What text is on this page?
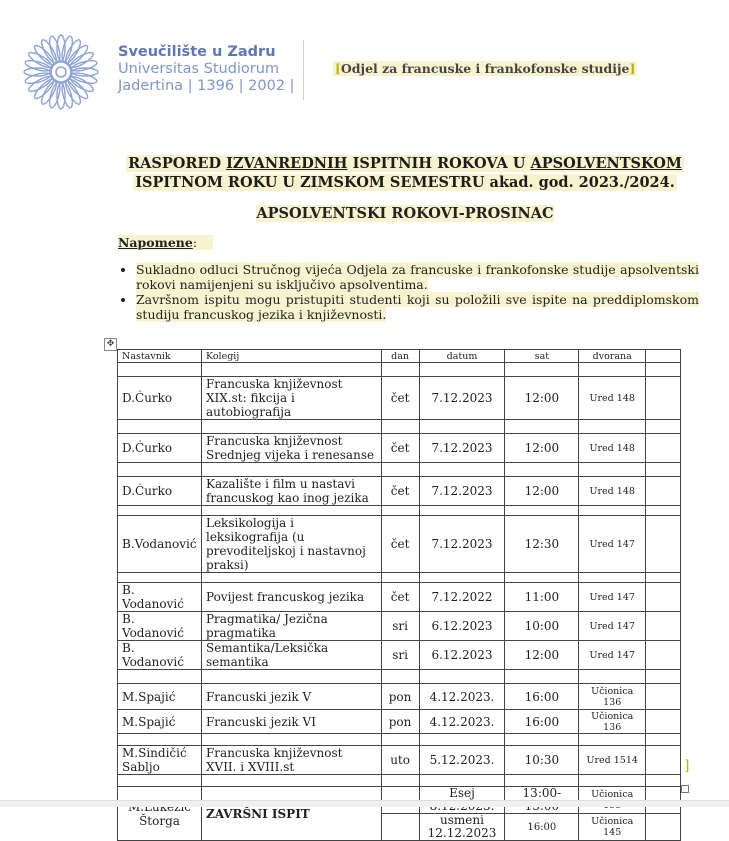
Sveučilište u Zadru
Universitas Studiorum
Jadertina | 1396 | 2002 |
[ Odjel za francuske i frankofonske studije ]
RASPORED IZVANREDNIH ISPITNIH ROKOVA U APSOLVENTSKOM
ISPITNOM ROKU U ZIMSKOM SEMESTRU akad. god. 2023./2024.
APSOLVENTSKI ROKOVI-PROSINAC
Napomene:
• Sukladno odluci Stručnog vijeća Odjela za francuske i frankofonske studije apsolventski rokovi namijenjeni su isključivo apsolventima.
• Završnom ispitu mogu pristupiti studenti koji su položili sve ispite na preddiplomskom studiju francuskog jezika i književnosti.
✥
Nastavnik	Kolegij	dan	datum	sat	dvorana	

D.Ćurko	Francuska književnost XIX.st: fikcija i autobiografija	čet	7.12.2023	12:00	Ured 148	

D.Ćurko	Francuska književnost Srednjeg vijeka i renesanse	čet	7.12.2023	12:00	Ured 148	

D.Ćurko	Kazalište i film u nastavi francuskog kao inog jezika	čet	7.12.2023	12:00	Ured 148	

B.Vodanović	Leksikologija i leksikografija (u prevoditeljskoj i nastavnoj praksi)	čet	7.12.2023	12:30	Ured 147	

B. Vodanović	Povijest francuskog jezika	čet	7.12.2022	11:00	Ured 147	
B. Vodanović	Pragmatika/ Jezična pragmatika	sri	6.12.2023	10:00	Ured 147	
B. Vodanović	Semantika/Leksička semantika	sri	6.12.2023	12:00	Ured 147	

M.Spajić	Francuski jezik V	pon	4.12.2023.	16:00	Učionica 136	
M.Spajić	Francuski jezik VI	pon	4.12.2023.	16:00	Učionica 136	

M.Sindičić Sabljo	Francuska književnost XVII. i XVIII.st	uto	5.12.2023.	10:30	Ured 1514	

Štorga	ZAVRŠNI ISPIT		Esej	13:00-	Učionica	
			usmeni 12.12.2023	16:00	Učionica 145	
]
